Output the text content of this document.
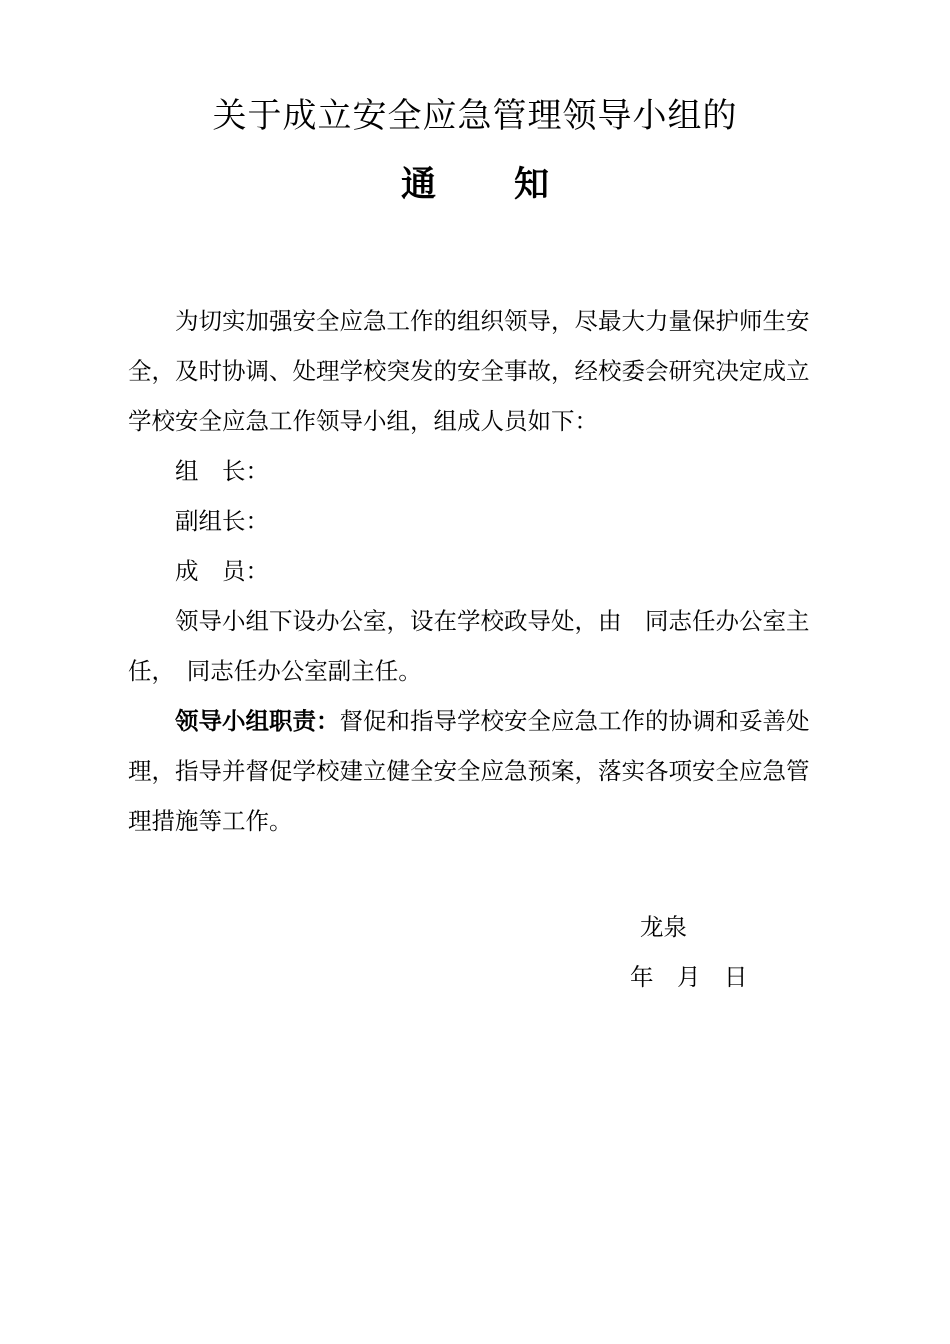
关于成立安全应急管理领导小组的
通 知

为切实加强安全应急工作的组织领导，尽最大力量保护师生安全，及时协调、处理学校突发的安全事故，经校委会研究决定成立学校安全应急工作领导小组，组成人员如下：

组　长：

副组长：

成　员：

领导小组下设办公室，设在学校政导处，由　同志任办公室主任，　同志任办公室副主任。

领导小组职责：督促和指导学校安全应急工作的协调和妥善处理，指导并督促学校建立健全安全应急预案，落实各项安全应急管理措施等工作。

龙泉

年　月　日
